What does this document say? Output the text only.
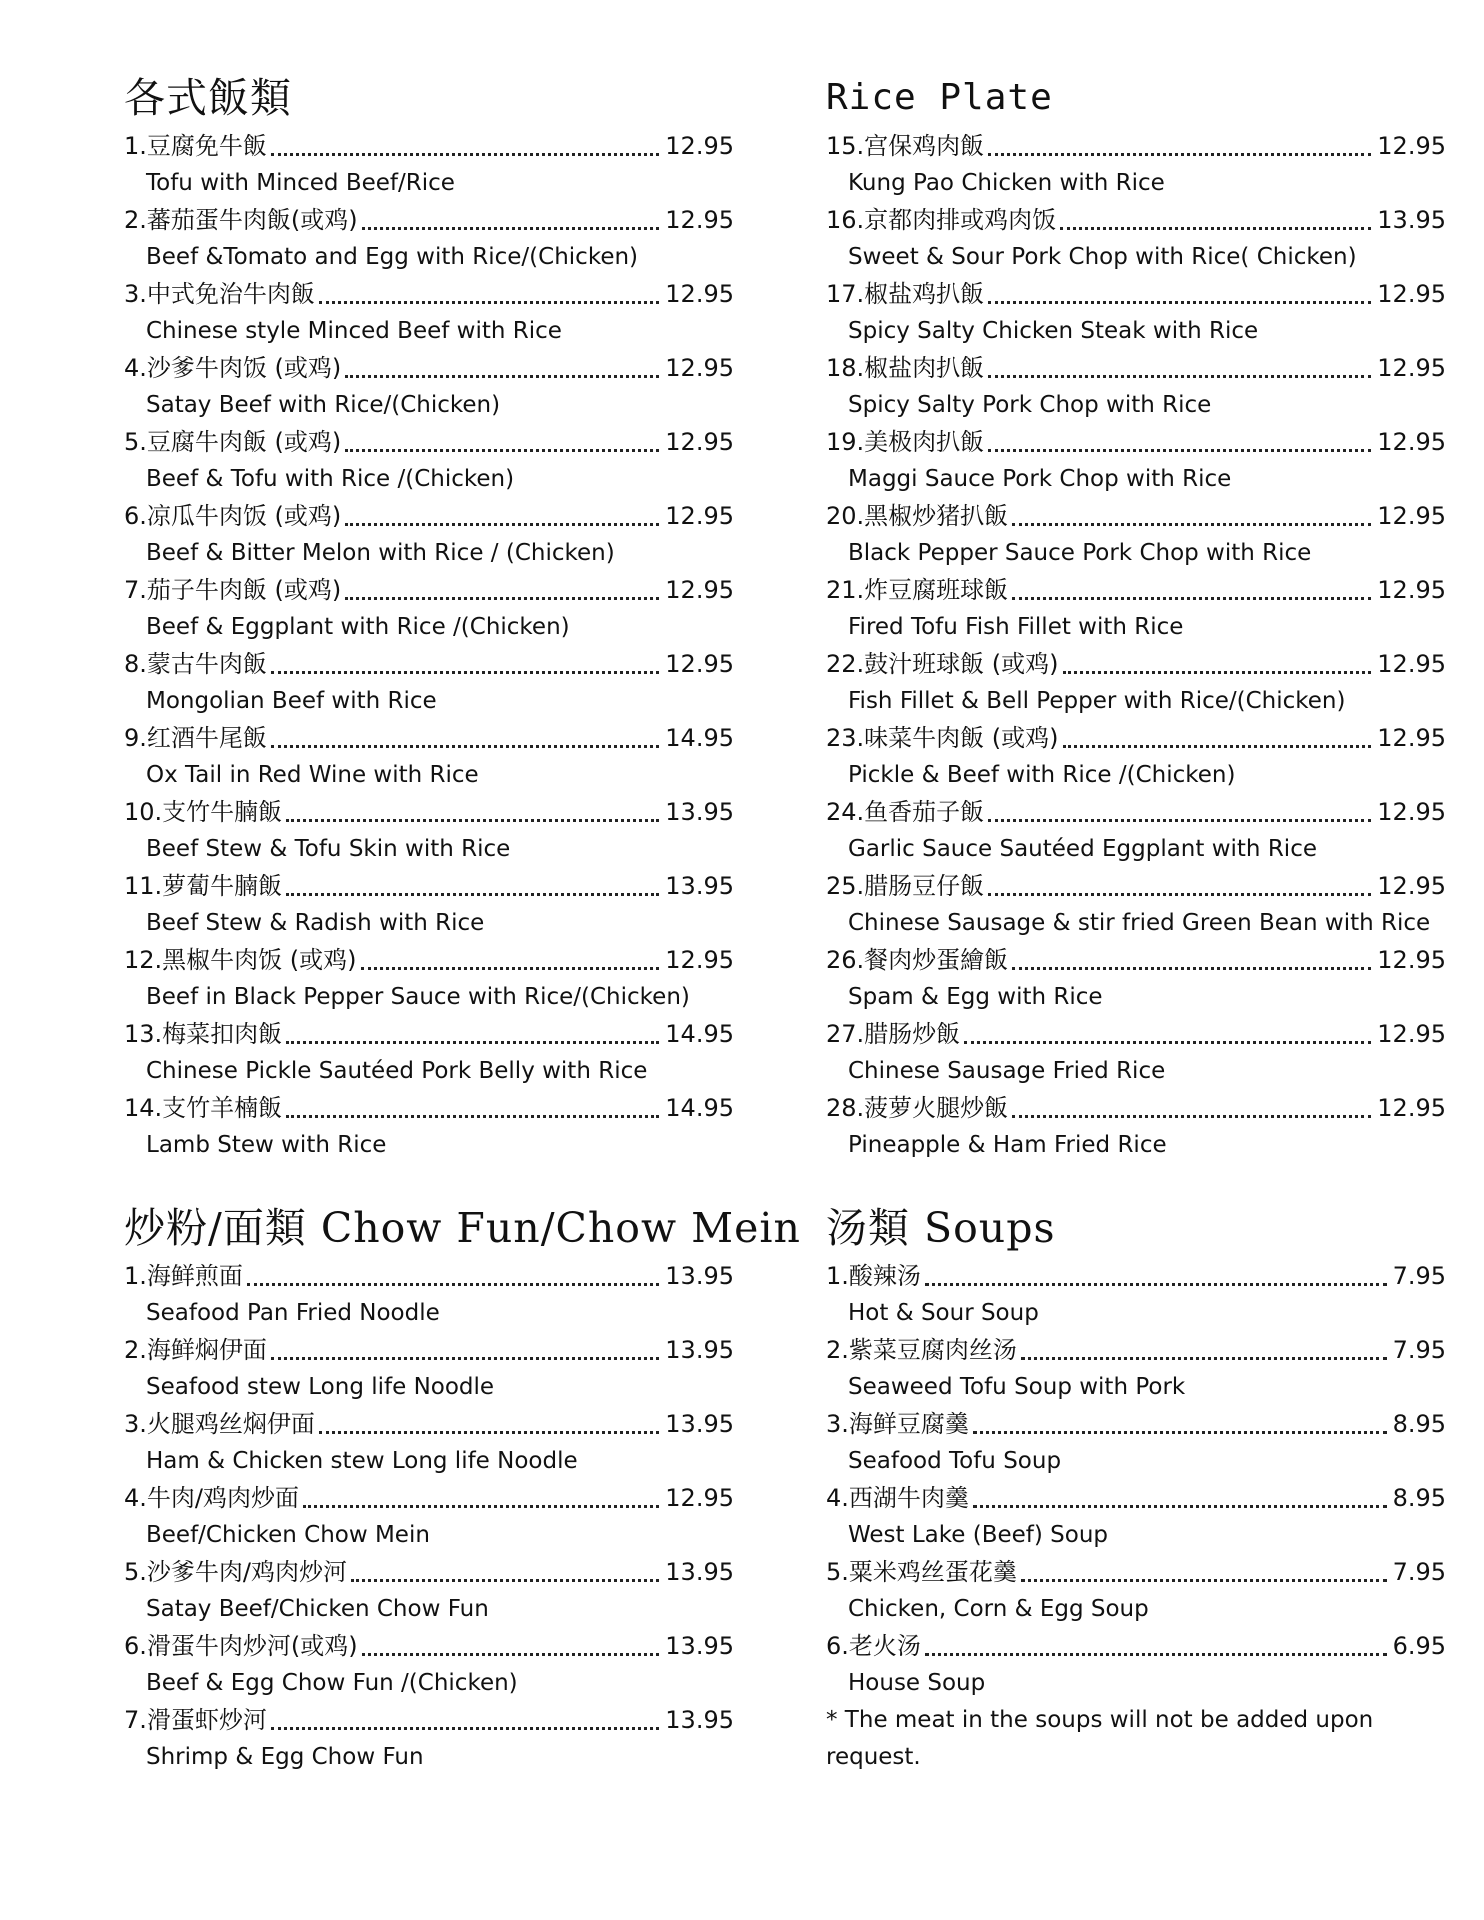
各式飯類
1.豆腐免牛飯	12.95
Tofu with Minced Beef/Rice
2.蕃茄蛋牛肉飯(或鸡)	12.95
Beef &Tomato and Egg with Rice/(Chicken)
3.中式免治牛肉飯	12.95
Chinese style Minced Beef with Rice
4.沙爹牛肉饭 (或鸡)	12.95
Satay Beef with Rice/(Chicken)
5.豆腐牛肉飯 (或鸡)	12.95
Beef & Tofu with Rice /(Chicken)
6.凉瓜牛肉饭 (或鸡)	12.95
Beef & Bitter Melon with Rice / (Chicken)
7.茄子牛肉飯 (或鸡)	12.95
Beef & Eggplant with Rice /(Chicken)
8.蒙古牛肉飯	12.95
Mongolian Beef with Rice
9.红酒牛尾飯	14.95
Ox Tail in Red Wine with Rice
10.支竹牛腩飯	13.95
Beef Stew & Tofu Skin with Rice
11.萝蔔牛腩飯	13.95
Beef Stew & Radish with Rice
12.黑椒牛肉饭 (或鸡)	12.95
Beef in Black Pepper Sauce with Rice/(Chicken)
13.梅菜扣肉飯	14.95
Chinese Pickle Sautéed Pork Belly with Rice
14.支竹羊楠飯	14.95
Lamb Stew with Rice
炒粉/面類 Chow Fun/Chow Mein
1.海鲜煎面	13.95
Seafood Pan Fried Noodle
2.海鲜焖伊面	13.95
Seafood stew Long life Noodle
3.火腿鸡丝焖伊面	13.95
Ham & Chicken stew Long life Noodle
4.牛肉/鸡肉炒面	12.95
Beef/Chicken Chow Mein
5.沙爹牛肉/鸡肉炒河	13.95
Satay Beef/Chicken Chow Fun
6.滑蛋牛肉炒河(或鸡)	13.95
Beef & Egg Chow Fun /(Chicken)
7.滑蛋虾炒河	13.95
Shrimp & Egg Chow Fun
Rice Plate
15.宫保鸡肉飯	12.95
Kung Pao Chicken with Rice
16.京都肉排或鸡肉饭	13.95
Sweet & Sour Pork Chop with Rice( Chicken)
17.椒盐鸡扒飯	12.95
Spicy Salty Chicken Steak with Rice
18.椒盐肉扒飯	12.95
Spicy Salty Pork Chop with Rice
19.美极肉扒飯	12.95
Maggi Sauce Pork Chop with Rice
20.黑椒炒猪扒飯	12.95
Black Pepper Sauce Pork Chop with Rice
21.炸豆腐班球飯	12.95
Fired Tofu Fish Fillet with Rice
22.鼓汁班球飯 (或鸡)	12.95
Fish Fillet & Bell Pepper with Rice/(Chicken)
23.味菜牛肉飯 (或鸡)	12.95
Pickle & Beef with Rice /(Chicken)
24.鱼香茄子飯	12.95
Garlic Sauce Sautéed Eggplant with Rice
25.腊肠豆仔飯	12.95
Chinese Sausage & stir fried Green Bean with Rice
26.餐肉炒蛋繪飯	12.95
Spam & Egg with Rice
27.腊肠炒飯	12.95
Chinese Sausage Fried Rice
28.菠萝火腿炒飯	12.95
Pineapple & Ham Fried Rice
汤類 Soups
1.酸辣汤	7.95
Hot & Sour Soup
2.紫菜豆腐肉丝汤	7.95
Seaweed Tofu Soup with Pork
3.海鲜豆腐羹	8.95
Seafood Tofu Soup
4.西湖牛肉羹	8.95
West Lake (Beef) Soup
5.粟米鸡丝蛋花羹	7.95
Chicken, Corn & Egg Soup
6.老火汤	6.95
House Soup
* The meat in the soups will not be added upon request.
